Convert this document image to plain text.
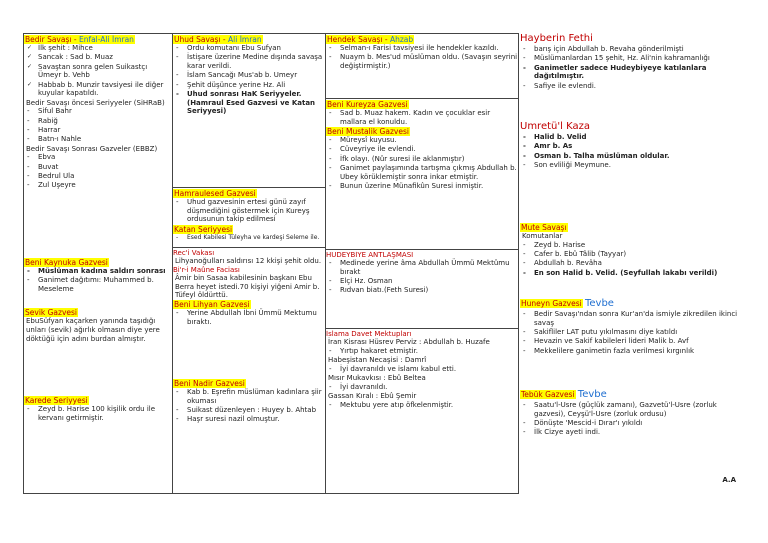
Bedir Savaşı - Enfal-Ali İmran
✓ İlk şehit : Mihce
✓ Sancak : Sad b. Muaz
✓ Savaştan sonra gelen Suikastçı Ümeyr b. Vehb
✓ Habbab b. Munzir tavsiyesi ile diğer kuyular kapatıldı.

Bedir Savaşı öncesi Seriyyeler (SiHRaB)

- Siful Bahr
- Rabiğ
- Harrar
- Batn-ı Nahle

Bedir Savaşı Sonrası Gazveler (EBBZ)

- Ebva
- Buvat
- Bedrul Ula
- Zul Uşeyre
Beni Kaynuka Gazvesi
- Müslüman kadına saldırı sonrası
- Ganimet dağıtımı: Muhammed b. Meseleme
Sevik Gazvesi

EbuSüfyan kaçarken yanında taşıdığı unları (sevik) ağırlık olmasın diye yere döktüğü için adını burdan almıştır.

Karede Seriyyesi
- Zeyd b. Harise 100 kişilik ordu ile kervanı getirmiştir.
Uhud Savaşı - Ali İmran
- Ordu komutanı Ebu Sufyan
- İstişare üzerine Medine dışında savaşa karar verildi.
- İslam Sancağı Mus'ab b. Umeyr
- Şehit düşünce yerine Hz. Ali
- Uhud sonrası HaK Seriyyeler. (Hamraul Esed Gazvesi ve Katan Seriyyesi)
Hamraulesed Gazvesi
- Uhud gazvesinin ertesi günü zayıf düşmediğini göstermek için Kureyş ordusunun takip edilmesi
Katan Seriyyesi
- Esed Kabilesi Tüleyha ve kardeşi Seleme ile.
Rec'i Vakası

Lihyanoğulları saldırısı 12 kkişi şehit oldu.

Bi'r-i Maûne Faciası

Âmir bin Sasaa kabilesinin başkanı Ebu Berra heyet istedi.70 kişiyi yiğeni Amir b. Tüfeyl öldürttü.

Beni Lihyan Gazvesi
- Yerine Abdullah İbni Ümmü Mektumu bıraktı.
Beni Nadir Gazvesi
- Kab b. Eşrefin müslüman kadınlara şiir okuması
- Suikast düzenleyen : Huyey b. Ahtab
- Haşr suresi nazil olmuştur.
Hendek Savaşı - Ahzab
- Selman-ı Farisi tavsiyesi ile hendekler kazıldı.
- Nuaym b. Mes'ud müslüman oldu. (Savaşın seyrini değiştirmiştir.)
Beni Kureyza Gazvesi
- Sad b. Muaz hakem. Kadın ve çocuklar esir mallara el konuldu.
Beni Mustalik Gazvesi
- Müreysî kuyusu.
- Cüveyriye ile evlendi.
- İfk olayı. (Nûr suresi ile aklanmıştır)
- Ganimet paylaşımında tartışma çıkmış Abdullah b. Ubey körüklemiştir sonra inkar etmiştir.
- Bunun üzerine Münafikûn Suresi inmiştir.
HUDEYBİYE ANTLAŞMASI
- Medinede yerine âma Abdullah Ümmü Mektûmu bırakt
- Elçi Hz. Osman
- Rıdvan biatı.(Feth Suresi)
İslama Davet Mektupları

İran Kisrası Hüsrev Perviz : Abdullah b. Huzafe

- Yırtıp hakaret etmiştir.

Habeşistan Necaşisi : Damrî

- İyi davranıldı ve islamı kabul etti.

Mısır Mukavkısı : Ebû Beltea

- İyi davranıldı.

Gassan Kıralı : Ebû Şemir

- Mektubu yere atıp öfkelenmiştir.
Hayberin Fethi
- barış için Abdullah b. Revaha gönderilmişti
- Müslümanlardan 15 şehit, Hz. Ali'nin kahramanlığı
- Ganimetler sadece Hudeybiyeye katılanlara dağıtılmıştır.
- Safiye ile evlendi.
Umretü'l Kaza
- Halid b. Velid
- Amr b. As
- Osman b. Talha müslüman oldular.
- Son evliliği Meymune.
Mute Savaşı

Komutanlar

- Zeyd b. Harise
- Cafer b. Ebû Tâlib (Tayyar)
- Abdullah b. Revâha
- En son Halid b. Velid. (Seyfullah lakabı verildi)
Huneyn Gazvesi Tevbe
- Bedir Savaşı'ndan sonra Kur'an'da ismiyle zikredilen ikinci savaş
- Sakifliler LAT putu yıkılmasını diye katıldı
- Hevazin ve Sakif kabileleri lideri Malik b. Avf
- Mekkelilere ganimetin fazla verilmesi kırgınlık
Tebük Gazvesi Tevbe
- Saatu'l-Usre (güçlük zamanı), Gazvetü'l-Usre (zorluk gazvesi), Ceyşü'l-Usre (zorluk ordusu)
- Dönüşte 'Mescid-i Dırar'ı yıkıldı
- İlk Cizye ayeti indi.
A.A
